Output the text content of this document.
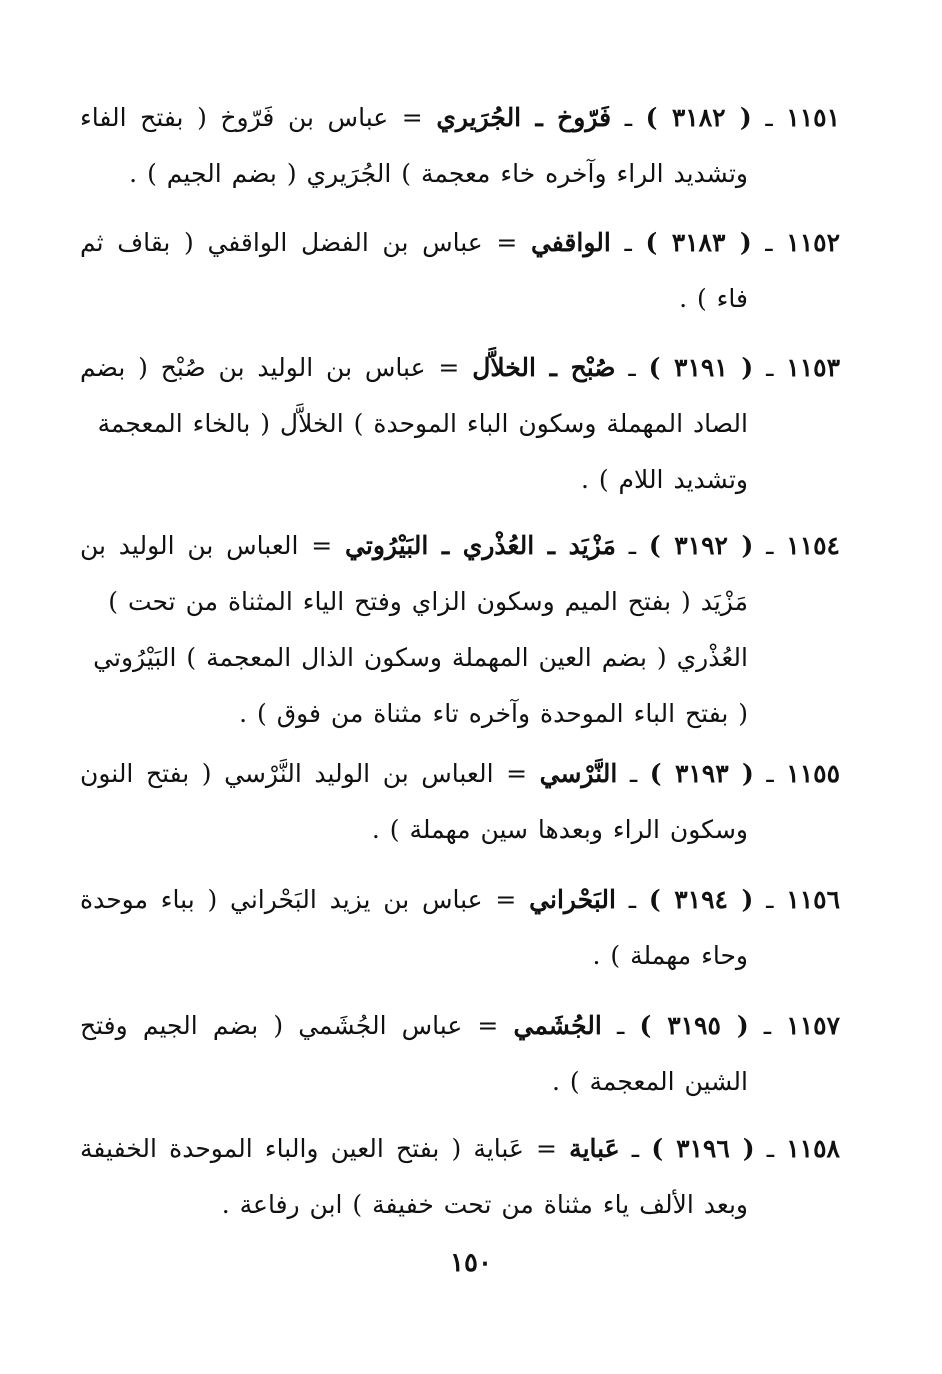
١١٥١ ـ ( ٣١٨٢ ) ـ فَرّوخ ـ الجُرَيري = عباس بن فَرّوخ ( بفتح الفاء
وتشديد الراء وآخره خاء معجمة ) الجُرَيري ( بضم الجيم ) .
١١٥٢ ـ ( ٣١٨٣ ) ـ الواقفي = عباس بن الفضل الواقفي ( بقاف ثم
فاء ) .
١١٥٣ ـ ( ٣١٩١ ) ـ صُبْح ـ الخلاَّل = عباس بن الوليد بن صُبْح ( بضم
الصاد المهملة وسكون الباء الموحدة ) الخلاَّل ( بالخاء المعجمة
وتشديد اللام ) .
١١٥٤ ـ ( ٣١٩٢ ) ـ مَزْيَد ـ العُذْري ـ البَيْرُوتي = العباس بن الوليد بن
مَزْيَد ( بفتح الميم وسكون الزاي وفتح الياء المثناة من تحت )
العُذْري ( بضم العين المهملة وسكون الذال المعجمة ) البَيْرُوتي
( بفتح الباء الموحدة وآخره تاء مثناة من فوق ) .
١١٥٥ ـ ( ٣١٩٣ ) ـ النَّرْسي = العباس بن الوليد النَّرْسي ( بفتح النون
وسكون الراء وبعدها سين مهملة ) .
١١٥٦ ـ ( ٣١٩٤ ) ـ البَحْراني = عباس بن يزيد البَحْراني ( بباء موحدة
وحاء مهملة ) .
١١٥٧ ـ ( ٣١٩٥ ) ـ الجُشَمي = عباس الجُشَمي ( بضم الجيم وفتح
الشين المعجمة ) .
١١٥٨ ـ ( ٣١٩٦ ) ـ عَباية = عَباية ( بفتح العين والباء الموحدة الخفيفة
وبعد الألف ياء مثناة من تحت خفيفة ) ابن رفاعة .
١٥٠
